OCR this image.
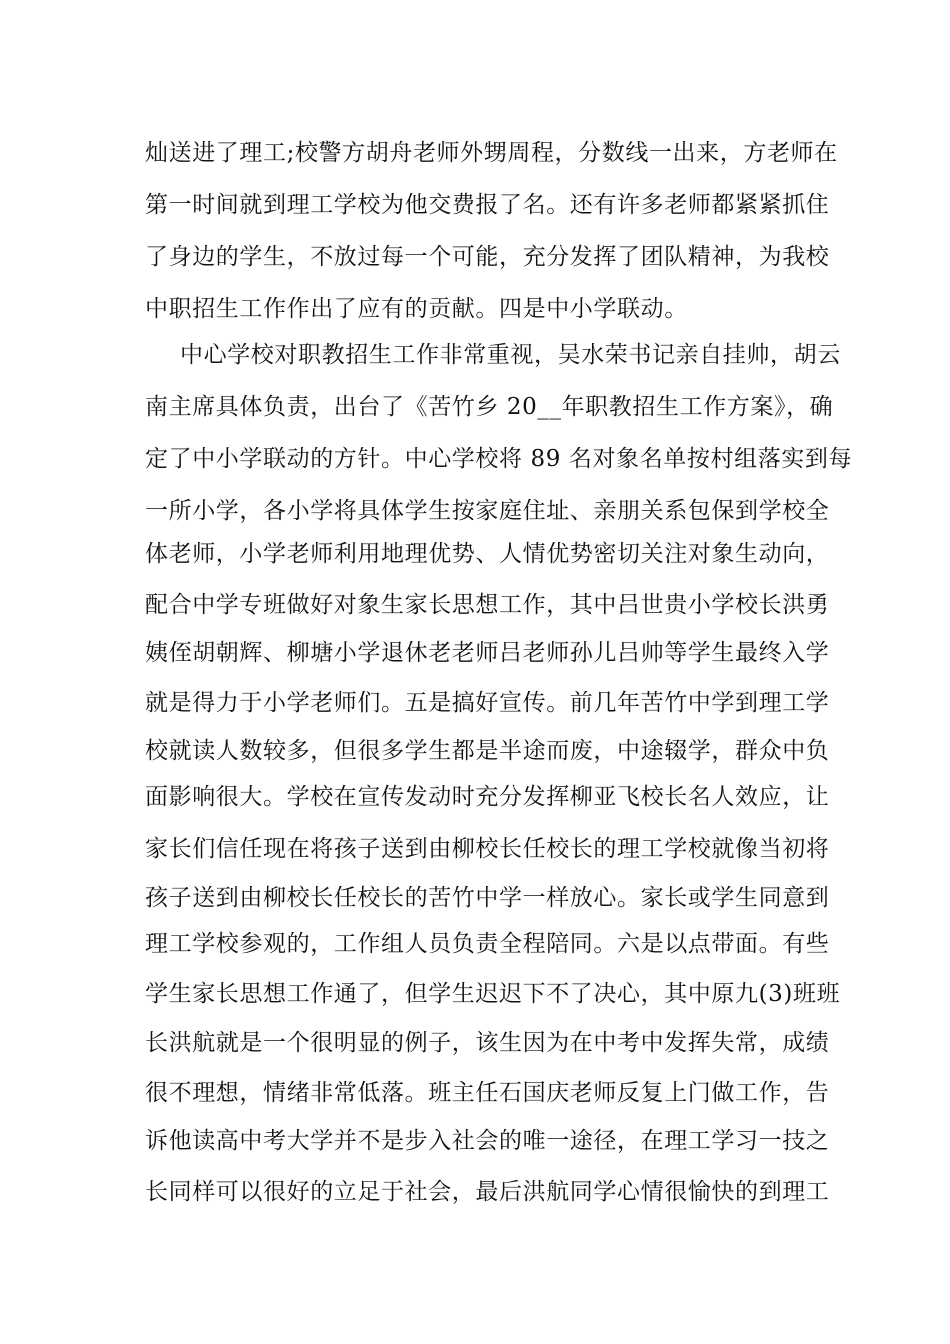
灿送进了理工;校警方胡舟老师外甥周程，分数线一出来，方老师在
第一时间就到理工学校为他交费报了名。还有许多老师都紧紧抓住
了身边的学生，不放过每一个可能，充分发挥了团队精神，为我校
中职招生工作作出了应有的贡献。四是中小学联动。
中心学校对职教招生工作非常重视，吴水荣书记亲自挂帅，胡云
南主席具体负责，出台了《苦竹乡 20__年职教招生工作方案》，确
定了中小学联动的方针。中心学校将 89 名对象名单按村组落实到每
一所小学，各小学将具体学生按家庭住址、亲朋关系包保到学校全
体老师，小学老师利用地理优势、人情优势密切关注对象生动向，
配合中学专班做好对象生家长思想工作，其中吕世贵小学校长洪勇
姨侄胡朝辉、柳塘小学退休老老师吕老师孙儿吕帅等学生最终入学
就是得力于小学老师们。五是搞好宣传。前几年苦竹中学到理工学
校就读人数较多，但很多学生都是半途而废，中途辍学，群众中负
面影响很大。学校在宣传发动时充分发挥柳亚飞校长名人效应，让
家长们信任现在将孩子送到由柳校长任校长的理工学校就像当初将
孩子送到由柳校长任校长的苦竹中学一样放心。家长或学生同意到
理工学校参观的，工作组人员负责全程陪同。六是以点带面。有些
学生家长思想工作通了，但学生迟迟下不了决心，其中原九(3)班班
长洪航就是一个很明显的例子，该生因为在中考中发挥失常，成绩
很不理想，情绪非常低落。班主任石国庆老师反复上门做工作，告
诉他读高中考大学并不是步入社会的唯一途径，在理工学习一技之
长同样可以很好的立足于社会，最后洪航同学心情很愉快的到理工
